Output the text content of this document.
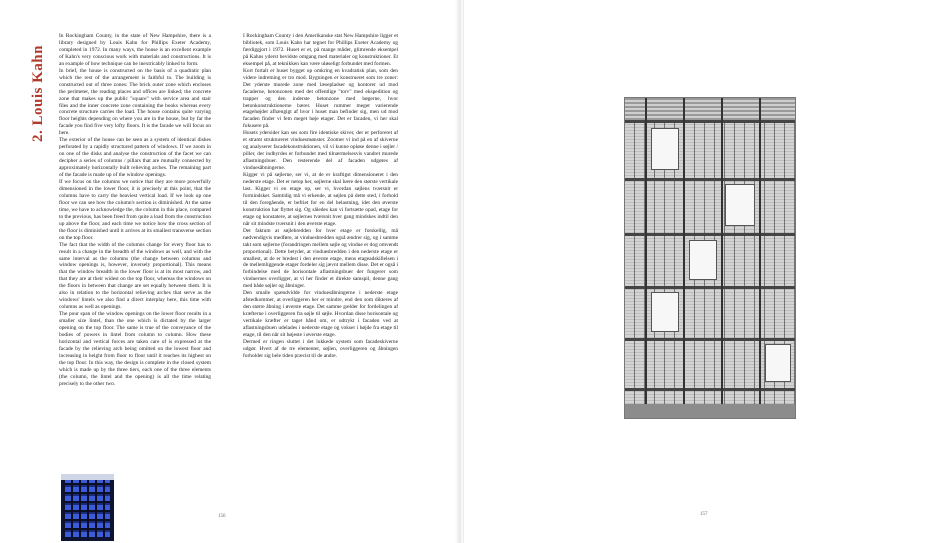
2. Louis Kahn

In Rockingham County, in the state of New Hampshire, there is a library designed by Louis Kahn for Phillips Exeter Academy, completed in 1972. In many ways, the house is an excellent example of Kahn's very conscious work with materials and constructions. It is an example of how technique can be inextricably linked to form.

In brief, the house is constructed on the basis of a quadratic plan which the rest of the arrangement is faithful to. The building is constructed out of three zones: The brick outer zone which encloses the perimeter, the reading places and offices are linked; the concrete zone that makes up the public "square" with service area and stair files and the inner concrete zone containing the books whereas every concrete structure carries the load. The house contains quite varying floor heights depending on where you are in the house, but by far the facade you find five very lofty floors. It is the facade we will focus on here.

The exterior of the house can be seen as a system of identical dishes perforated by a rapidly structured pattern of windows. If we zoom in on one of the disks and analyse the construction of the facet we can decipher a series of columns / pillars that are mutually connected by approximately horizontally built relieving arches. The remaining part of the facade is made up of the window openings.

If we focus on the columns we notice that they are more powerfully dimensioned in the lower floor, it is precisely at this point, that the columns have to carry the heaviest vertical load. If we look up one floor we can see how the column's section is diminished. At the same time, we have to acknowledge the, the column in this place, compared to the previous, has been freed from quite a load from the construction up above the floor, and each time we notice how the cross section of the floor is diminished until it arrives at its smallest transverse section on the top floor.

The fact that the width of the columns change for every floor has to result in a change in the breadth of the windows as well, and with the same interval as the columns (the change between columns and window openings is, however, inversely proportional). This means that the window breadth in the lower floor is at its most narrow, and that they are at their widest on the top floor, whereas the windows on the floors in between that change are set equally between them. It is also in relation to the horizontal relieving arches that serve as the windows' lintels we also find a direct interplay here, this time with columns as well as openings.

The pour span of the window openings on the lower floor results in a smaller size lintel, than the one which is dictated by the larger opening on the top floor. The same is true of the conveyance of the bodies of powers in lintel from column to column. How these horizontal and vertical forces are taken care of is expressed at the facade by the relieving arch being omitted on the lowest floor and increasing in height from floor to floor until it reaches its highest on the top floor. In this way, the design is complete in the closed system which is made up by the three tiers, each one of the three elements (the column, the lintel and the opening) is all the time relating precisely to the other two.

I Rockingham County i den Amerikanske stat New Hampshire ligger et bibliotek, som Louis Kahn har tegnet for Phillips Exeter Academy og færdiggjort i 1972. Huset er et, på mange måder, glimrende eksempel på Kahns yderst bevidste omgang med materialer og konstruktioner. Et eksempel på, at teknikken kan være uløseligt forbundet med formen.

Kort fortalt er huset bygget op omkring en kvadratisk plan, som den videre indretning er tro mod. Bygningen er konstrueret som tre zoner: Det yderste murede zone med læsepladser og kontorer ud mod facaderne, betonzonen med det offentlige "torv" med ekspedition og trapper og den inderste betonzone med bøgerne, hvor betonkonstruktionerne bærer. Huset rummer meget varierende etagehøjder afhængigt af hvor i huset man befinder sig, men ud mod facaden finder vi fem meget høje etager. Det er facaden, vi her skal fokusere på.

Husets ydersider kan ses som fire identiske skiver, der er perforeret af et stramt struktureret vinduesmønster. Zoomer vi ind på en af skiverne og analyserer facadekonstruktionen, vil vi kunne opløse denne i søjler / piller, der indbyrdes er forbundet med tilnærmelsesvis vandret murede aflastningsbuer. Den resterende del af facaden udgøres af vinduesåbningerne.

Kigger vi på søjlerne, ser vi, at de er kraftigst dimensioneret i den nederste etage. Det er netop her, søjlerne skal bære den største vertikale last. Kigger vi en etage op, ser vi, hvordan søjlens tværsnit er formindsket. Samtidig må vi erkende, at søjlen på dette sted, i forhold til den foregående, er befriet for en del belastning, idet den øverste konstruktion har flyttet sig. Og således kan vi fortsætte opad, etage for etage og konstatere, at søjlernes tværsnit hver gang mindskes indtil den når sit mindste tværsnit i den øverste etage.

Det faktum at søjlebredden for hver etage er forskellig, må nødvendigvis medføre, at vinduesbredden også ændrer sig, og i samme takt som søjlerne (forandringen mellem søjle og vindue er dog omvendt proportional). Dette betyder, at vinduesbredden i den nederste etage er smallest, at de er bredest i den øverste etage, mens etageadskillelsen i de mellemliggende etager fordeler sig jævnt mellem disse. Det er også i forbindelse med de horisontale aflastningsbuer der fungerer som vinduernes overligger, at vi her finder et direkte samspil, denne gang med både søjler og åbninger.

Den smalle spændvidde for vinduesåbningerne i nederste etage afstedkommer, at overliggeren her er mindre, end den som dikteres af den større åbning i øverste etage. Det samme gælder for fordelingen af kræfterne i overliggeren fra søjle til søjle. Hvordan disse horisontale og vertikale kræfter er taget hånd om, er udtrykt i facaden ved at aflastningsbuen udelades i nederste etage og vokser i højde fra etage til etage, til den når sit højeste i øverste etage.

Dermed er ringen sluttet i det lukkede system som facadeskiverne udgør. Hvert af de tre elementer, søjlen, overliggeren og åbningen forholder sig hele tiden præcist til de andre.

156	157
